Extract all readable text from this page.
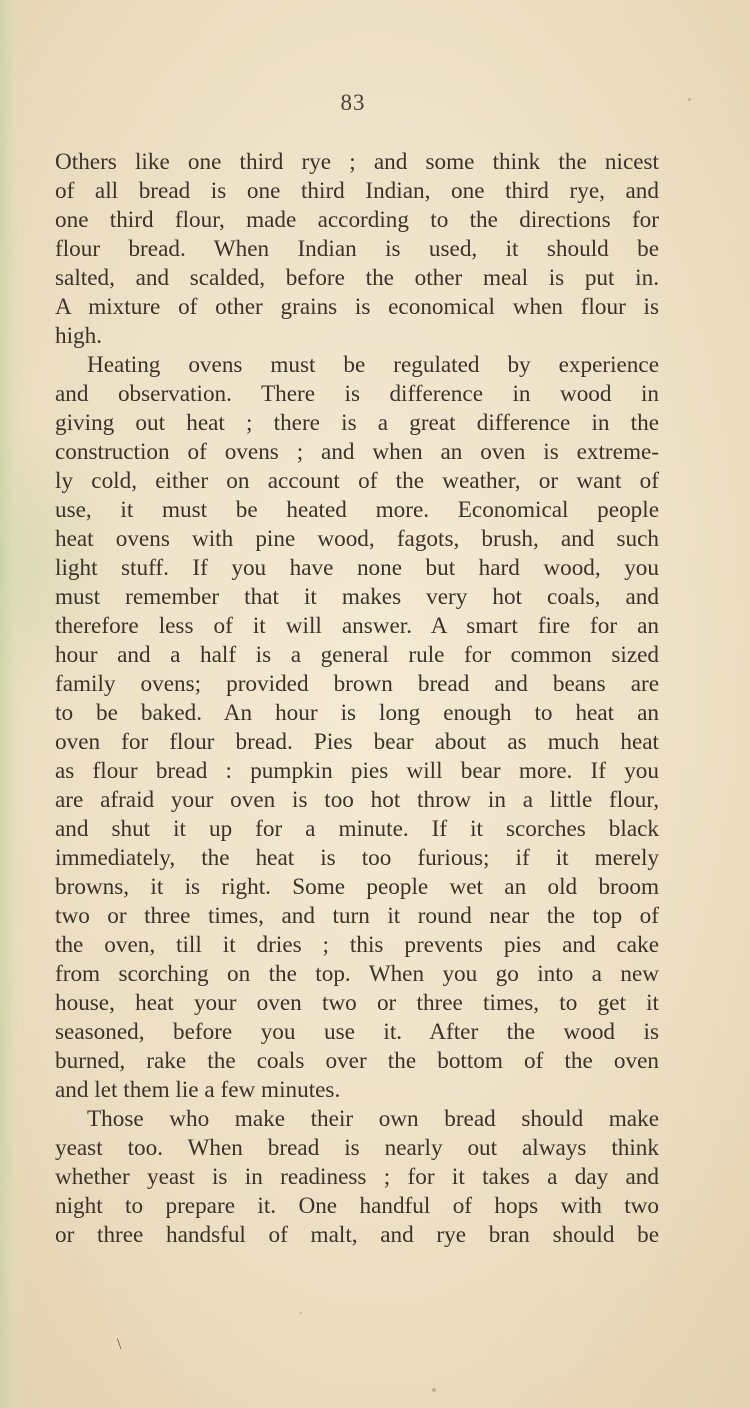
83
Others like one third rye ; and some think the nicest
of all bread is one third Indian, one third rye, and
one third flour, made according to the directions for
flour bread. When Indian is used, it should be
salted, and scalded, before the other meal is put in.
A mixture of other grains is economical when flour is
high.
Heating ovens must be regulated by experience
and observation. There is difference in wood in
giving out heat ; there is a great difference in the
construction of ovens ; and when an oven is extreme-
ly cold, either on account of the weather, or want of
use, it must be heated more. Economical people
heat ovens with pine wood, fagots, brush, and such
light stuff. If you have none but hard wood, you
must remember that it makes very hot coals, and
therefore less of it will answer. A smart fire for an
hour and a half is a general rule for common sized
family ovens; provided brown bread and beans are
to be baked. An hour is long enough to heat an
oven for flour bread. Pies bear about as much heat
as flour bread : pumpkin pies will bear more. If you
are afraid your oven is too hot throw in a little flour,
and shut it up for a minute. If it scorches black
immediately, the heat is too furious; if it merely
browns, it is right. Some people wet an old broom
two or three times, and turn it round near the top of
the oven, till it dries ; this prevents pies and cake
from scorching on the top. When you go into a new
house, heat your oven two or three times, to get it
seasoned, before you use it. After the wood is
burned, rake the coals over the bottom of the oven
and let them lie a few minutes.
Those who make their own bread should make
yeast too. When bread is nearly out always think
whether yeast is in readiness ; for it takes a day and
night to prepare it. One handful of hops with two
or three handsful of malt, and rye bran should be
\
